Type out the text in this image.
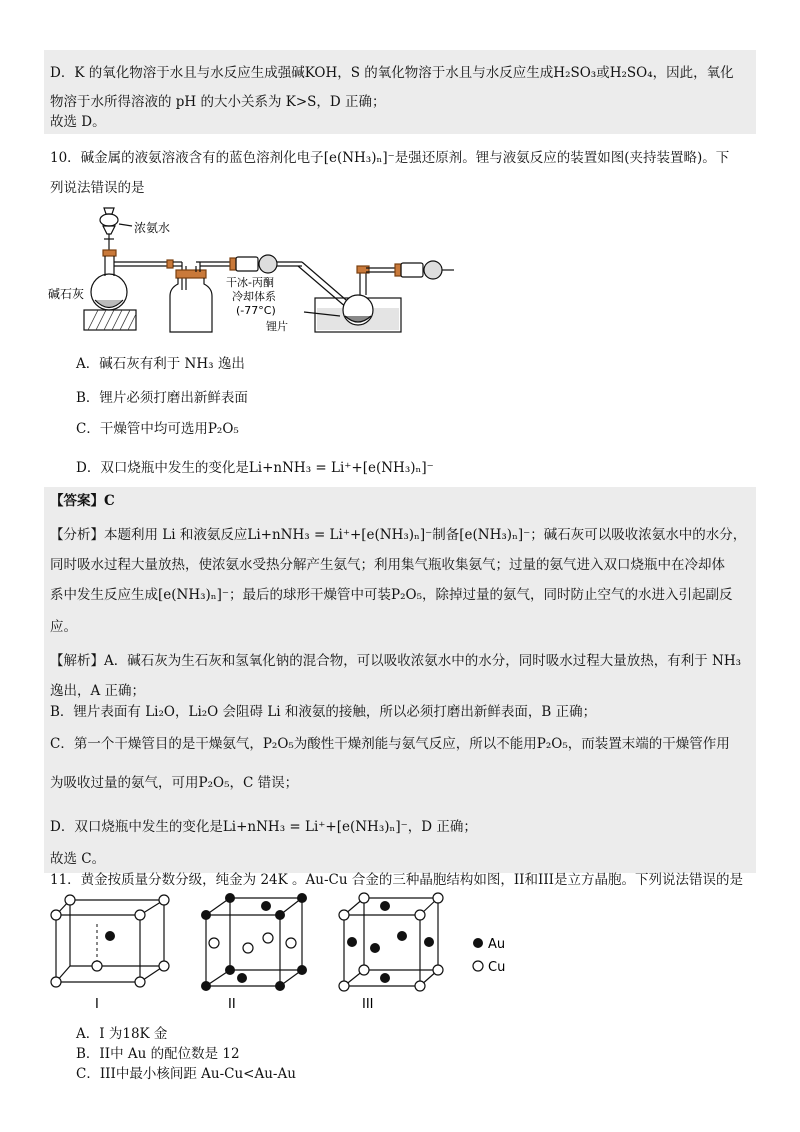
D．K 的氧化物溶于水且与水反应生成强碱KOH，S 的氧化物溶于水且与水反应生成H₂SO₃或H₂SO₄，因此，氧化
物溶于水所得溶液的 pH 的大小关系为 K>S，D 正确；
故选 D。
10．碱金属的液氨溶液含有的蓝色溶剂化电子[e(NH₃)ₙ]⁻是强还原剂。锂与液氨反应的装置如图(夹持装置略)。下
列说法错误的是
浓氨水
碱石灰
干冰-丙酮
冷却体系
(-77°C)
锂片
A．碱石灰有利于 NH₃ 逸出
B．锂片必须打磨出新鲜表面
C．干燥管中均可选用P₂O₅
D．双口烧瓶中发生的变化是Li+nNH₃ = Li⁺+[e(NH₃)ₙ]⁻
【答案】C
【分析】本题利用 Li 和液氨反应Li+nNH₃ = Li⁺+[e(NH₃)ₙ]⁻制备[e(NH₃)ₙ]⁻；碱石灰可以吸收浓氨水中的水分，
同时吸水过程大量放热，使浓氨水受热分解产生氨气；利用集气瓶收集氨气；过量的氨气进入双口烧瓶中在冷却体
系中发生反应生成[e(NH₃)ₙ]⁻；最后的球形干燥管中可装P₂O₅，除掉过量的氨气，同时防止空气的水进入引起副反
应。
【解析】A．碱石灰为生石灰和氢氧化钠的混合物，可以吸收浓氨水中的水分，同时吸水过程大量放热，有利于 NH₃
逸出，A 正确；
B．锂片表面有 Li₂O，Li₂O 会阻碍 Li 和液氨的接触，所以必须打磨出新鲜表面，B 正确；
C．第一个干燥管目的是干燥氨气，P₂O₅为酸性干燥剂能与氨气反应，所以不能用P₂O₅，而装置末端的干燥管作用
为吸收过量的氨气，可用P₂O₅，C 错误；
D．双口烧瓶中发生的变化是Li+nNH₃ = Li⁺+[e(NH₃)ₙ]⁻，D 正确；
故选 C。
11．黄金按质量分数分级，纯金为 24K 。Au-Cu 合金的三种晶胞结构如图，II和III是立方晶胞。下列说法错误的是
I	II	III
Au
Cu
A．I 为18K 金
B．II中 Au 的配位数是 12
C．III中最小核间距 Au-Cu<Au-Au
